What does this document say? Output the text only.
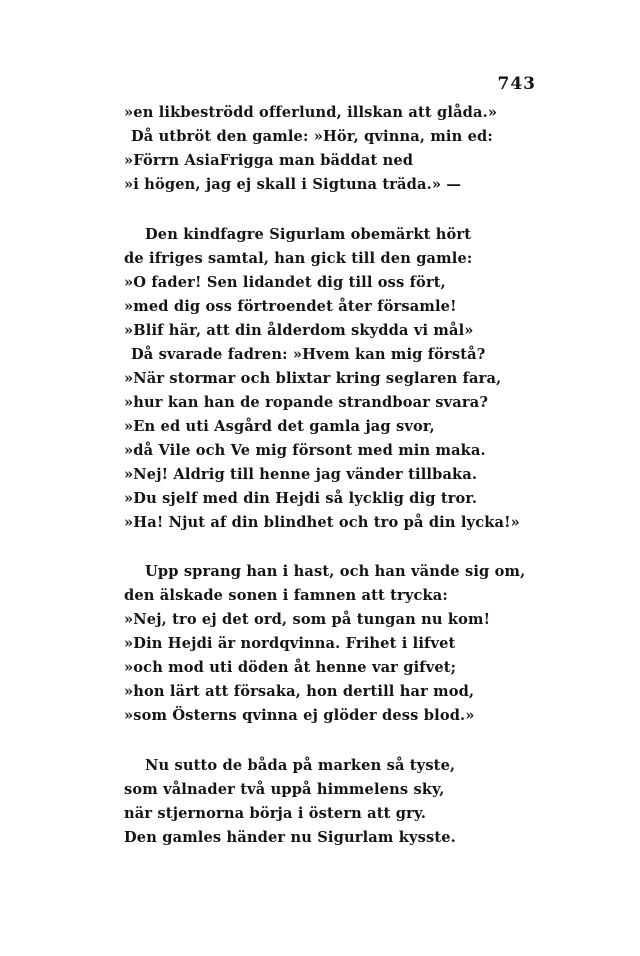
743
»en likbeströdd offerlund, illskan att glåda.»
Då utbröt den gamle: »Hör, qvinna, min ed:
»Förrn AsiaFrigga man bäddat ned
»i högen, jag ej skall i Sigtuna träda.» —
Den kindfagre Sigurlam obemärkt hört
de ifriges samtal, han gick till den gamle:
»O fader! Sen lidandet dig till oss fört,
»med dig oss förtroendet åter församle!
»Blif här, att din ålderdom skydda vi mål»
Då svarade fadren: »Hvem kan mig förstå?
»När stormar och blixtar kring seglaren fara,
»hur kan han de ropande strandboar svara?
»En ed uti Asgård det gamla jag svor,
»då Vile och Ve mig försont med min maka.
»Nej! Aldrig till henne jag vänder tillbaka.
»Du sjelf med din Hejdi så lycklig dig tror.
»Ha! Njut af din blindhet och tro på din lycka!»
Upp sprang han i hast, och han vände sig om,
den älskade sonen i famnen att trycka:
»Nej, tro ej det ord, som på tungan nu kom!
»Din Hejdi är nordqvinna. Frihet i lifvet
»och mod uti döden åt henne var gifvet;
»hon lärt att försaka, hon dertill har mod,
»som Österns qvinna ej glöder dess blod.»
Nu sutto de båda på marken så tyste,
som vålnader två uppå himmelens sky,
när stjernorna börja i östern att gry.
Den gamles händer nu Sigurlam kysste.
